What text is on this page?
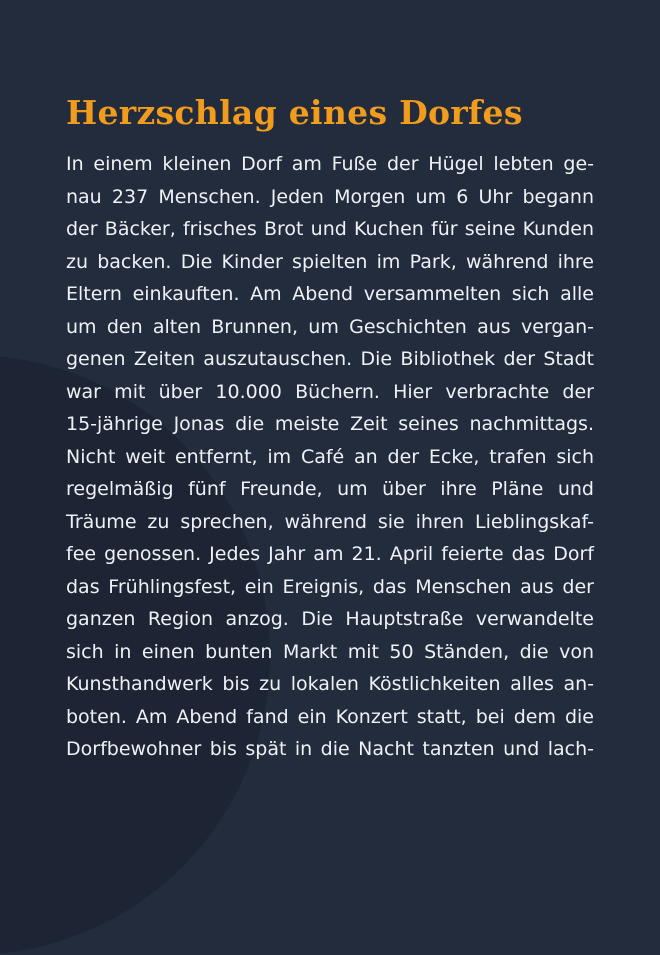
Herzschlag eines Dorfes
In einem kleinen Dorf am Fuße der Hügel lebten ge-
nau 237 Menschen. Jeden Morgen um 6 Uhr begann
der Bäcker, frisches Brot und Kuchen für seine Kunden
zu backen. Die Kinder spielten im Park, während ihre
Eltern einkauften. Am Abend versammelten sich alle
um den alten Brunnen, um Geschichten aus vergan-
genen Zeiten auszutauschen. Die Bibliothek der Stadt
war mit über 10.000 Büchern. Hier verbrachte der
15-jährige Jonas die meiste Zeit seines nachmittags.
Nicht weit entfernt, im Café an der Ecke, trafen sich
regelmäßig fünf Freunde, um über ihre Pläne und
Träume zu sprechen, während sie ihren Lieblingskaf-
fee genossen. Jedes Jahr am 21. April feierte das Dorf
das Frühlingsfest, ein Ereignis, das Menschen aus der
ganzen Region anzog. Die Hauptstraße verwandelte
sich in einen bunten Markt mit 50 Ständen, die von
Kunsthandwerk bis zu lokalen Köstlichkeiten alles an-
boten. Am Abend fand ein Konzert statt, bei dem die
Dorfbewohner bis spät in die Nacht tanzten und lach-
